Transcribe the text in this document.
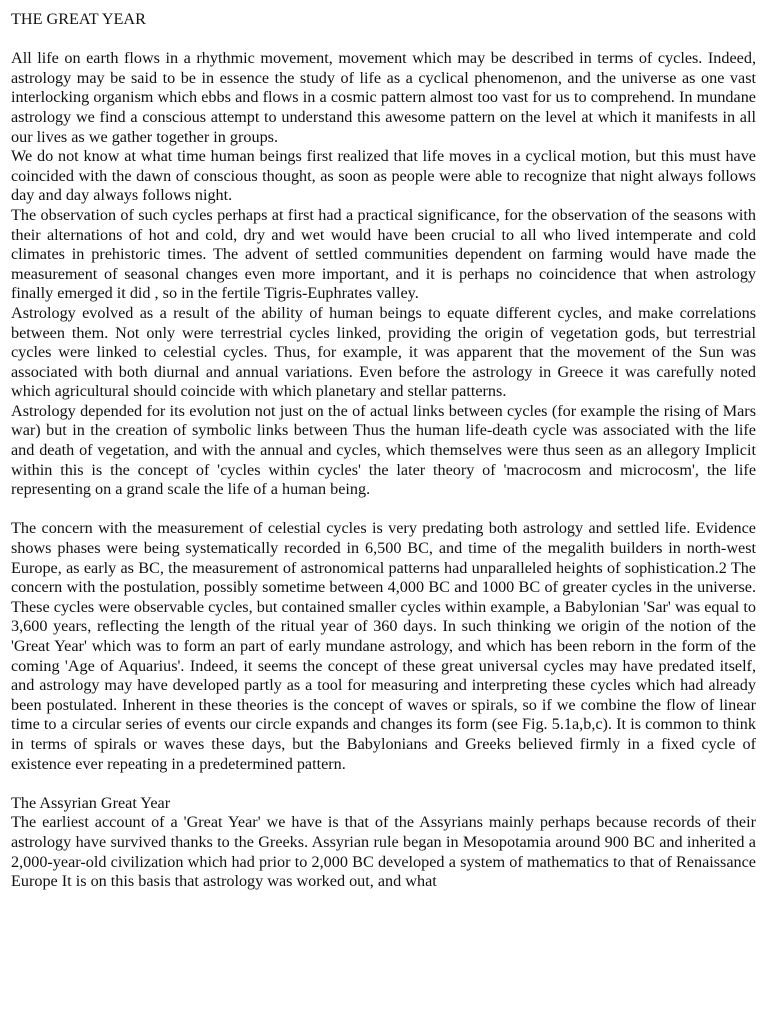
THE GREAT YEAR

All life on earth flows in a rhythmic movement, movement which may be described in terms of cycles. Indeed, astrology may be said to be in essence the study of life as a cyclical phenomenon, and the universe as one vast interlocking organism which ebbs and flows in a cosmic pattern almost too vast for us to comprehend. In mundane astrology we find a conscious attempt to understand this awesome pattern on the level at which it manifests in all our lives as we gather together in groups.

We do not know at what time human beings first realized that life moves in a cyclical motion, but this must have coincided with the dawn of conscious thought, as soon as people were able to recognize that night always follows day and day always follows night.

The observation of such cycles perhaps at first had a practical significance, for the observation of the seasons with their alternations of hot and cold, dry and wet would have been crucial to all who lived intemperate and cold climates in prehistoric times. The advent of settled communities dependent on farming would have made the measurement of seasonal changes even more important, and it is perhaps no coincidence that when astrology finally emerged it did , so in the fertile Tigris-Euphrates valley.

Astrology evolved as a result of the ability of human beings to equate different cycles, and make correlations between them. Not only were terrestrial cycles linked, providing the origin of vegetation gods, but terrestrial cycles were linked to celestial cycles. Thus, for example, it was apparent that the movement of the Sun was associated with both diurnal and annual variations. Even before the astrology in Greece it was carefully noted which agricultural should coincide with which planetary and stellar patterns.

Astrology depended for its evolution not just on the of actual links between cycles (for example the rising of Mars war) but in the creation of symbolic links between Thus the human life-death cycle was associated with the life and death of vegetation, and with the annual and cycles, which themselves were thus seen as an allegory Implicit within this is the concept of 'cycles within cycles' the later theory of 'macrocosm and microcosm', the life representing on a grand scale the life of a human being.

The concern with the measurement of celestial cycles is very predating both astrology and settled life. Evidence shows phases were being systematically recorded in 6,500 BC, and time of the megalith builders in north-west Europe, as early as BC, the measurement of astronomical patterns had unparalleled heights of sophistication.2 The concern with the postulation, possibly sometime between 4,000 BC and 1000 BC of greater cycles in the universe. These cycles were observable cycles, but contained smaller cycles within example, a Babylonian 'Sar' was equal to 3,600 years, reflecting the length of the ritual year of 360 days. In such thinking we origin of the notion of the 'Great Year' which was to form an part of early mundane astrology, and which has been reborn in the form of the coming 'Age of Aquarius'. Indeed, it seems the concept of these great universal cycles may have predated itself, and astrology may have developed partly as a tool for measuring and interpreting these cycles which had already been postulated. Inherent in these theories is the concept of waves or spirals, so if we combine the flow of linear time to a circular series of events our circle expands and changes its form (see Fig. 5.1a,b,c). It is common to think in terms of spirals or waves these days, but the Babylonians and Greeks believed firmly in a fixed cycle of existence ever repeating in a predetermined pattern.

The Assyrian Great Year

The earliest account of a 'Great Year' we have is that of the Assyrians mainly perhaps because records of their astrology have survived thanks to the Greeks. Assyrian rule began in Mesopotamia around 900 BC and inherited a 2,000-year-old civilization which had prior to 2,000 BC developed a system of mathematics to that of Renaissance Europe It is on this basis that astrology was worked out, and what
